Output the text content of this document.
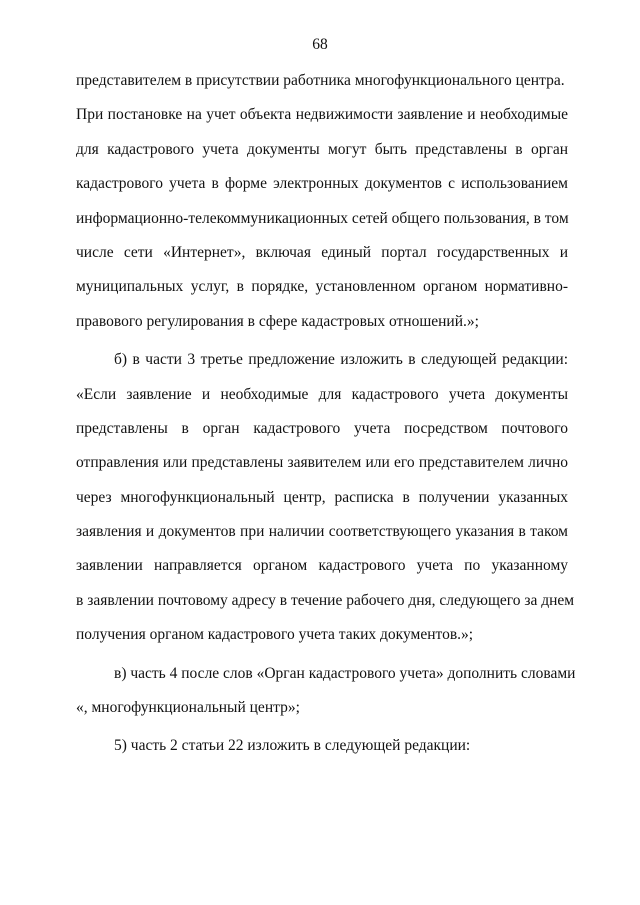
68
представителем в присутствии работника многофункционального центра.
При постановке на учет объекта недвижимости заявление и необходимые
для кадастрового учета документы могут быть представлены в орган
кадастрового учета в форме электронных документов с использованием
информационно-телекоммуникационных сетей общего пользования, в том
числе сети «Интернет», включая единый портал государственных и
муниципальных услуг, в порядке, установленном органом нормативно-
правового регулирования в сфере кадастровых отношений.»;
б) в части 3 третье предложение изложить в следующей редакции:
«Если заявление и необходимые для кадастрового учета документы
представлены в орган кадастрового учета посредством почтового
отправления или представлены заявителем или его представителем лично
через многофункциональный центр, расписка в получении указанных
заявления и документов при наличии соответствующего указания в таком
заявлении направляется органом кадастрового учета по указанному
в заявлении почтовому адресу в течение рабочего дня, следующего за днем
получения органом кадастрового учета таких документов.»;
в) часть 4 после слов «Орган кадастрового учета» дополнить словами
«, многофункциональный центр»;
5) часть 2 статьи 22 изложить в следующей редакции:
